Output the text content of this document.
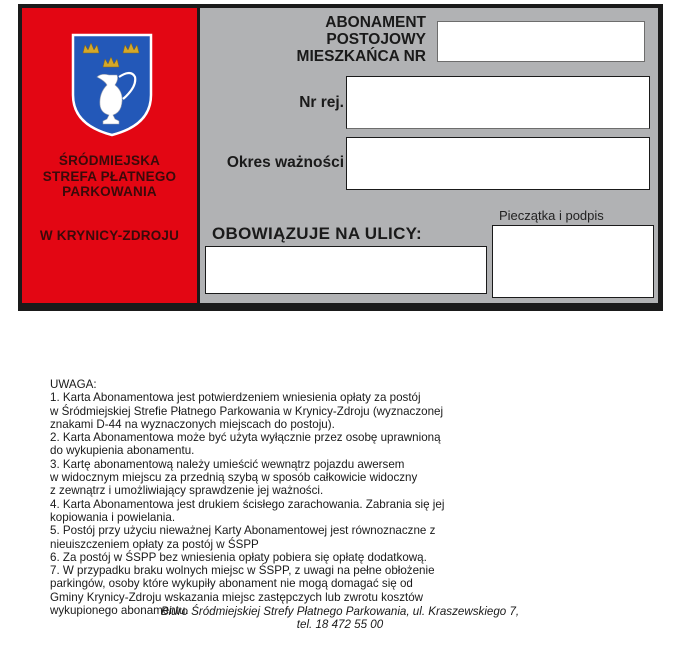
ŚRÓDMIEJSKA
STREFA PŁATNEGO
PARKOWANIA
W KRYNICY-ZDROJU
ABONAMENT
POSTOJOWY
MIESZKAŃCA NR
Nr rej.
Okres ważności
OBOWIĄZUJE NA ULICY:
Pieczątka i podpis
UWAGA:
1. Karta Abonamentowa jest potwierdzeniem wniesienia opłaty za postój
w Śródmiejskiej Strefie Płatnego Parkowania w Krynicy-Zdroju (wyznaczonej
znakami D-44 na wyznaczonych miejscach do postoju).
2. Karta Abonamentowa może być użyta wyłącznie przez osobę uprawnioną
do wykupienia abonamentu.
3. Kartę abonamentową należy umieścić wewnątrz pojazdu awersem
w widocznym miejscu za przednią szybą w sposób całkowicie widoczny
z zewnątrz i umożliwiający sprawdzenie jej ważności.
4. Karta Abonamentowa jest drukiem ścisłego zarachowania. Zabrania się jej
kopiowania i powielania.
5. Postój przy użyciu nieważnej Karty Abonamentowej jest równoznaczne z
nieuiszczeniem opłaty za postój w ŚSPP
6. Za postój w ŚSPP bez wniesienia opłaty pobiera się opłatę dodatkową.
7. W przypadku braku wolnych miejsc w ŚSPP, z uwagi na pełne obłożenie
parkingów, osoby które wykupiły abonament nie mogą domagać się od
Gminy Krynicy-Zdroju wskazania miejsc zastępczych lub zwrotu kosztów
wykupionego abonamentu.
Biuro Śródmiejskiej Strefy Płatnego Parkowania, ul. Kraszewskiego 7,
tel. 18 472 55 00
